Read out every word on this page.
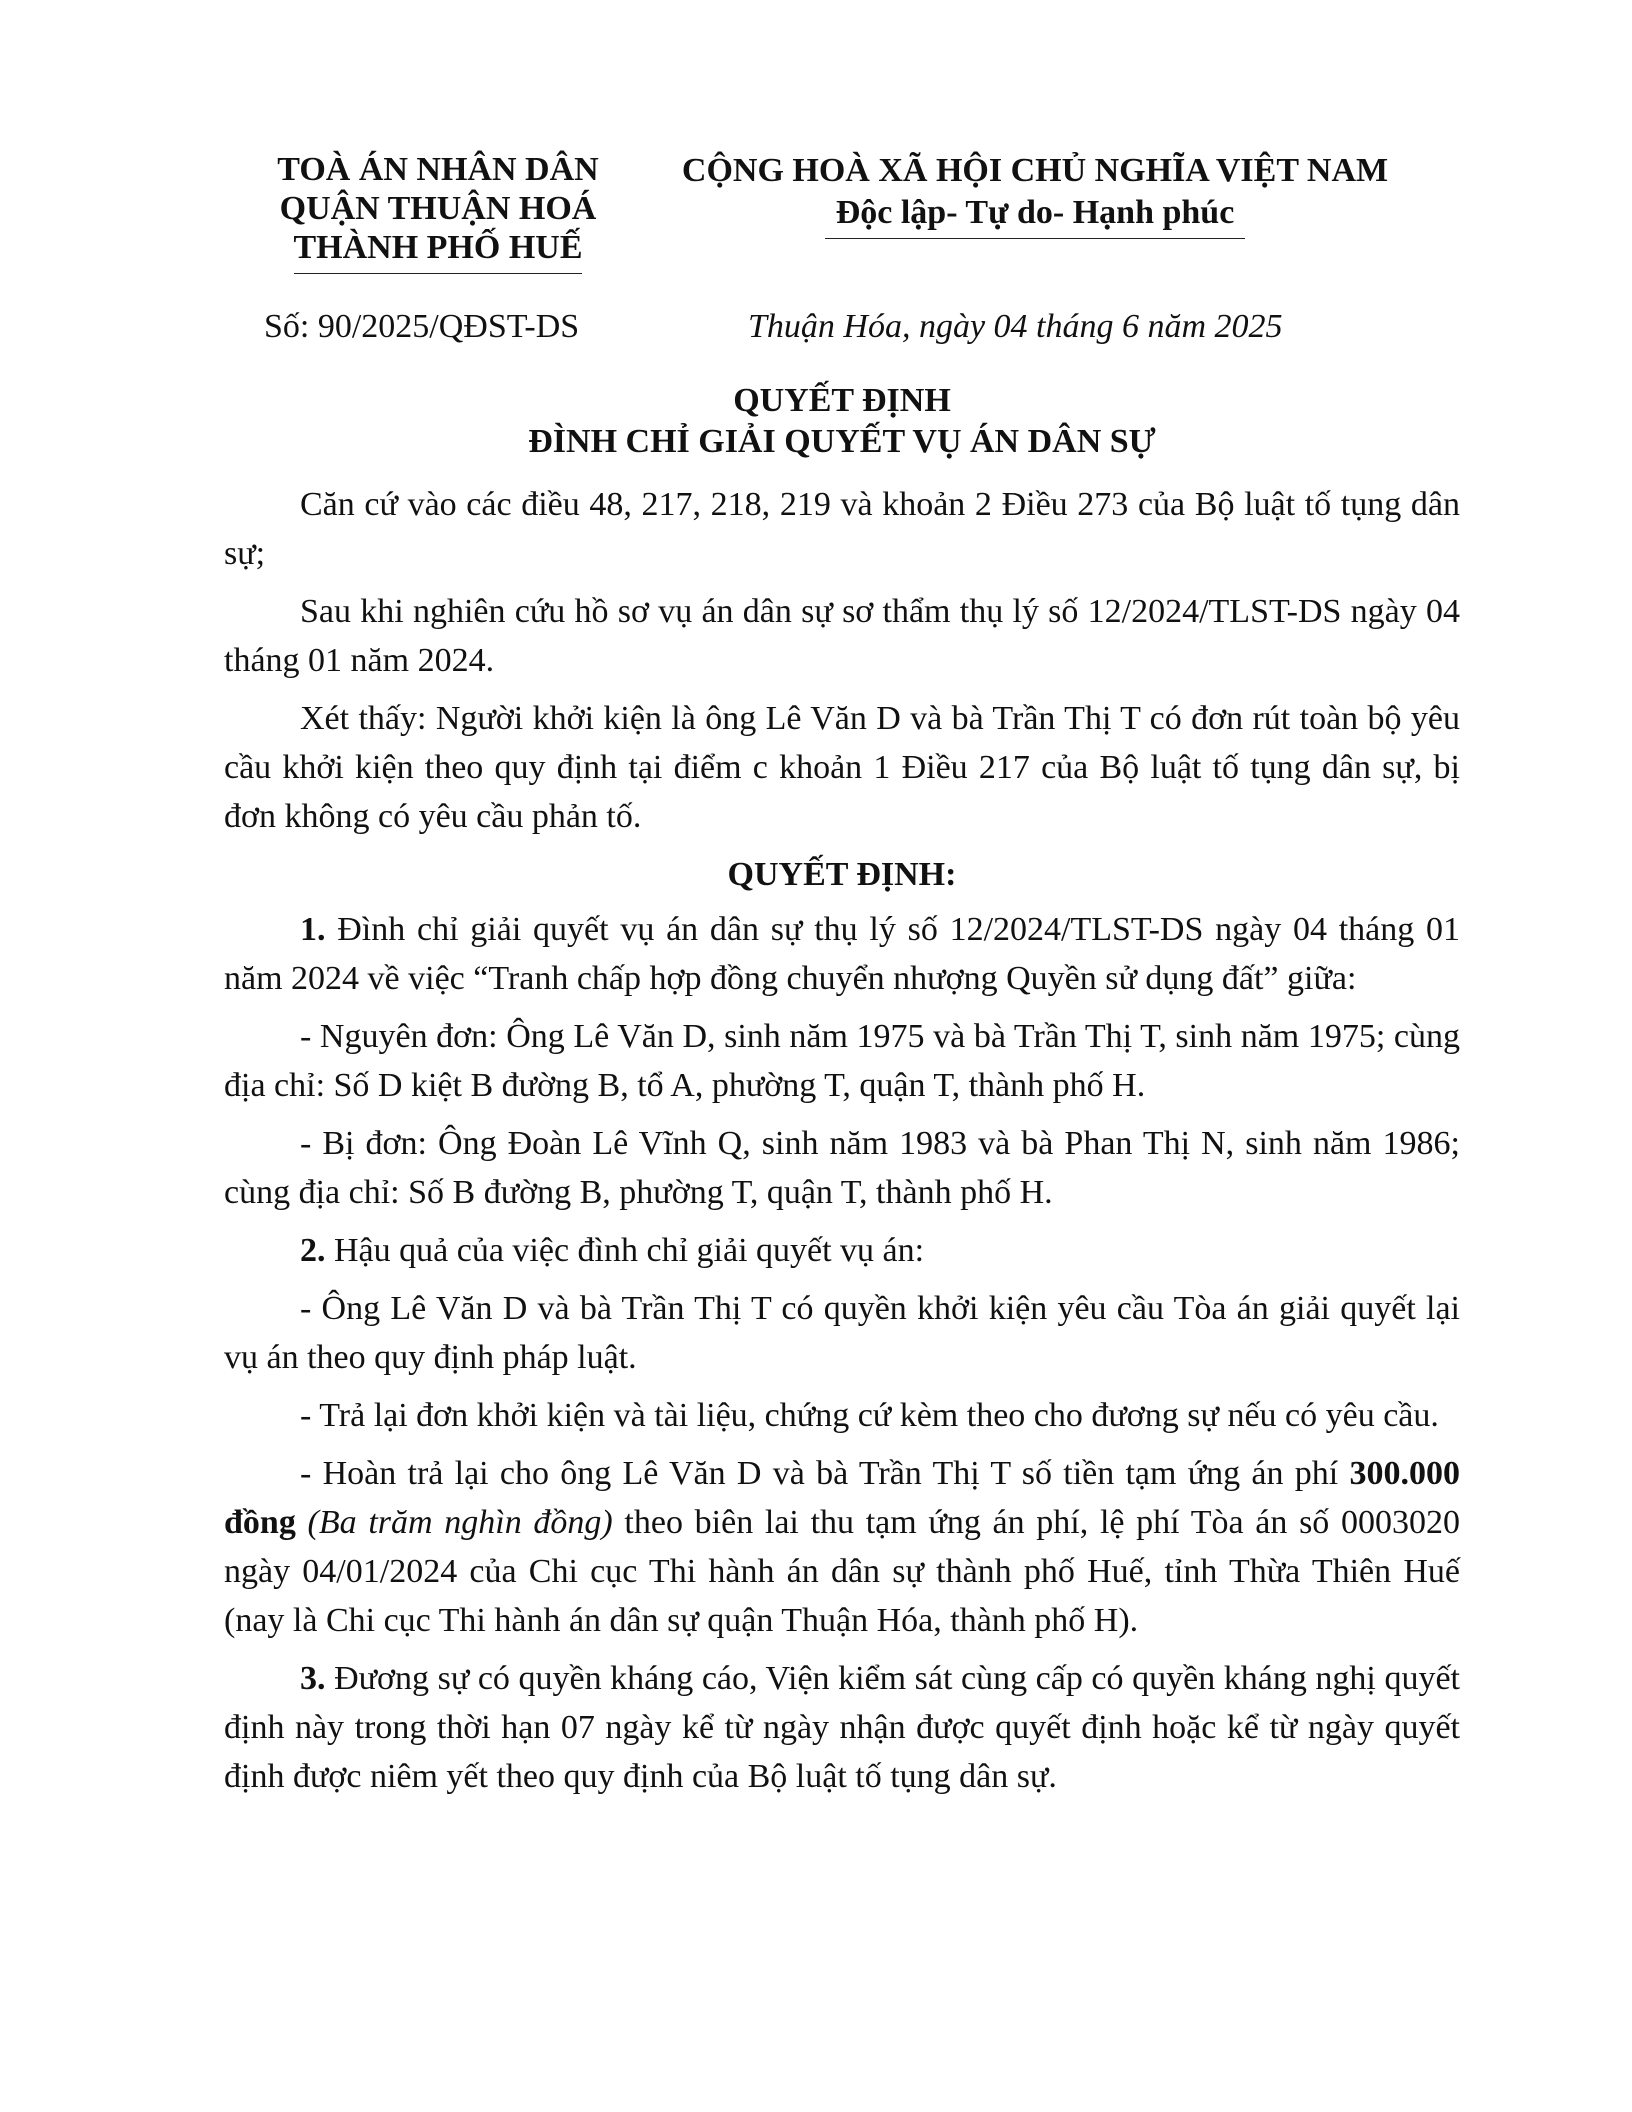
TOÀ ÁN NHÂN DÂN
QUẬN THUẬN HOÁ
THÀNH PHỐ HUẾ
CỘNG HOÀ XÃ HỘI CHỦ NGHĨA VIỆT NAM
Độc lập- Tự do- Hạnh phúc
Số: 90/2025/QĐST-DS	Thuận Hóa, ngày 04 tháng 6 năm 2025
QUYẾT ĐỊNH
ĐÌNH CHỈ GIẢI QUYẾT VỤ ÁN DÂN SỰ

Căn cứ vào các điều 48, 217, 218, 219 và khoản 2 Điều 273 của Bộ luật tố tụng dân sự;

Sau khi nghiên cứu hồ sơ vụ án dân sự sơ thẩm thụ lý số 12/2024/TLST-DS ngày 04 tháng 01 năm 2024.

Xét thấy: Người khởi kiện là ông Lê Văn D và bà Trần Thị T có đơn rút toàn bộ yêu cầu khởi kiện theo quy định tại điểm c khoản 1 Điều 217 của Bộ luật tố tụng dân sự, bị đơn không có yêu cầu phản tố.

QUYẾT ĐỊNH:

1. Đình chỉ giải quyết vụ án dân sự thụ lý số 12/2024/TLST-DS ngày 04 tháng 01 năm 2024 về việc “Tranh chấp hợp đồng chuyển nhượng Quyền sử dụng đất” giữa:

- Nguyên đơn: Ông Lê Văn D, sinh năm 1975 và bà Trần Thị T, sinh năm 1975; cùng địa chỉ: Số D kiệt B đường B, tổ A, phường T, quận T, thành phố H.

- Bị đơn: Ông Đoàn Lê Vĩnh Q, sinh năm 1983 và bà Phan Thị N, sinh năm 1986; cùng địa chỉ: Số B đường B, phường T, quận T, thành phố H.

2. Hậu quả của việc đình chỉ giải quyết vụ án:

- Ông Lê Văn D và bà Trần Thị T có quyền khởi kiện yêu cầu Tòa án giải quyết lại vụ án theo quy định pháp luật.

- Trả lại đơn khởi kiện và tài liệu, chứng cứ kèm theo cho đương sự nếu có yêu cầu.

- Hoàn trả lại cho ông Lê Văn D và bà Trần Thị T số tiền tạm ứng án phí 300.000 đồng (Ba trăm nghìn đồng) theo biên lai thu tạm ứng án phí, lệ phí Tòa án số 0003020 ngày 04/01/2024 của Chi cục Thi hành án dân sự thành phố Huế, tỉnh Thừa Thiên Huế (nay là Chi cục Thi hành án dân sự quận Thuận Hóa, thành phố H).

3. Đương sự có quyền kháng cáo, Viện kiểm sát cùng cấp có quyền kháng nghị quyết định này trong thời hạn 07 ngày kể từ ngày nhận được quyết định hoặc kể từ ngày quyết định được niêm yết theo quy định của Bộ luật tố tụng dân sự.
